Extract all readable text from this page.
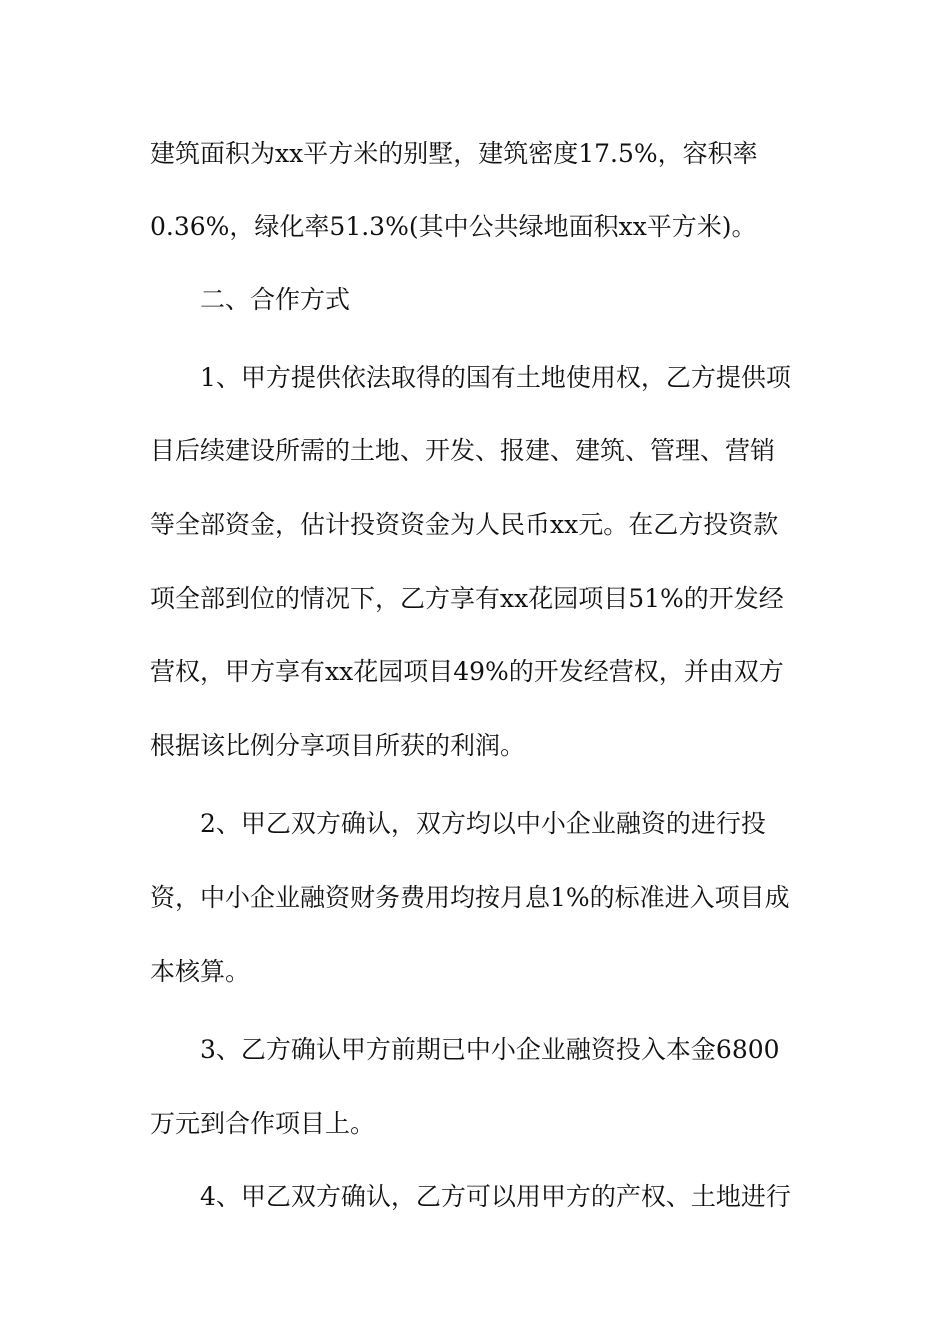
建筑面积为xx平方米的别墅，建筑密度17.5%，容积率
0.36%，绿化率51.3%(其中公共绿地面积xx平方米)。
二、合作方式
1、甲方提供依法取得的国有土地使用权，乙方提供项
目后续建设所需的土地、开发、报建、建筑、管理、营销
等全部资金，估计投资资金为人民币xx元。在乙方投资款
项全部到位的情况下，乙方享有xx花园项目51%的开发经
营权，甲方享有xx花园项目49%的开发经营权，并由双方
根据该比例分享项目所获的利润。
2、甲乙双方确认，双方均以中小企业融资的进行投
资，中小企业融资财务费用均按月息1%的标准进入项目成
本核算。
3、乙方确认甲方前期已中小企业融资投入本金6800
万元到合作项目上。
4、甲乙双方确认，乙方可以用甲方的产权、土地进行
